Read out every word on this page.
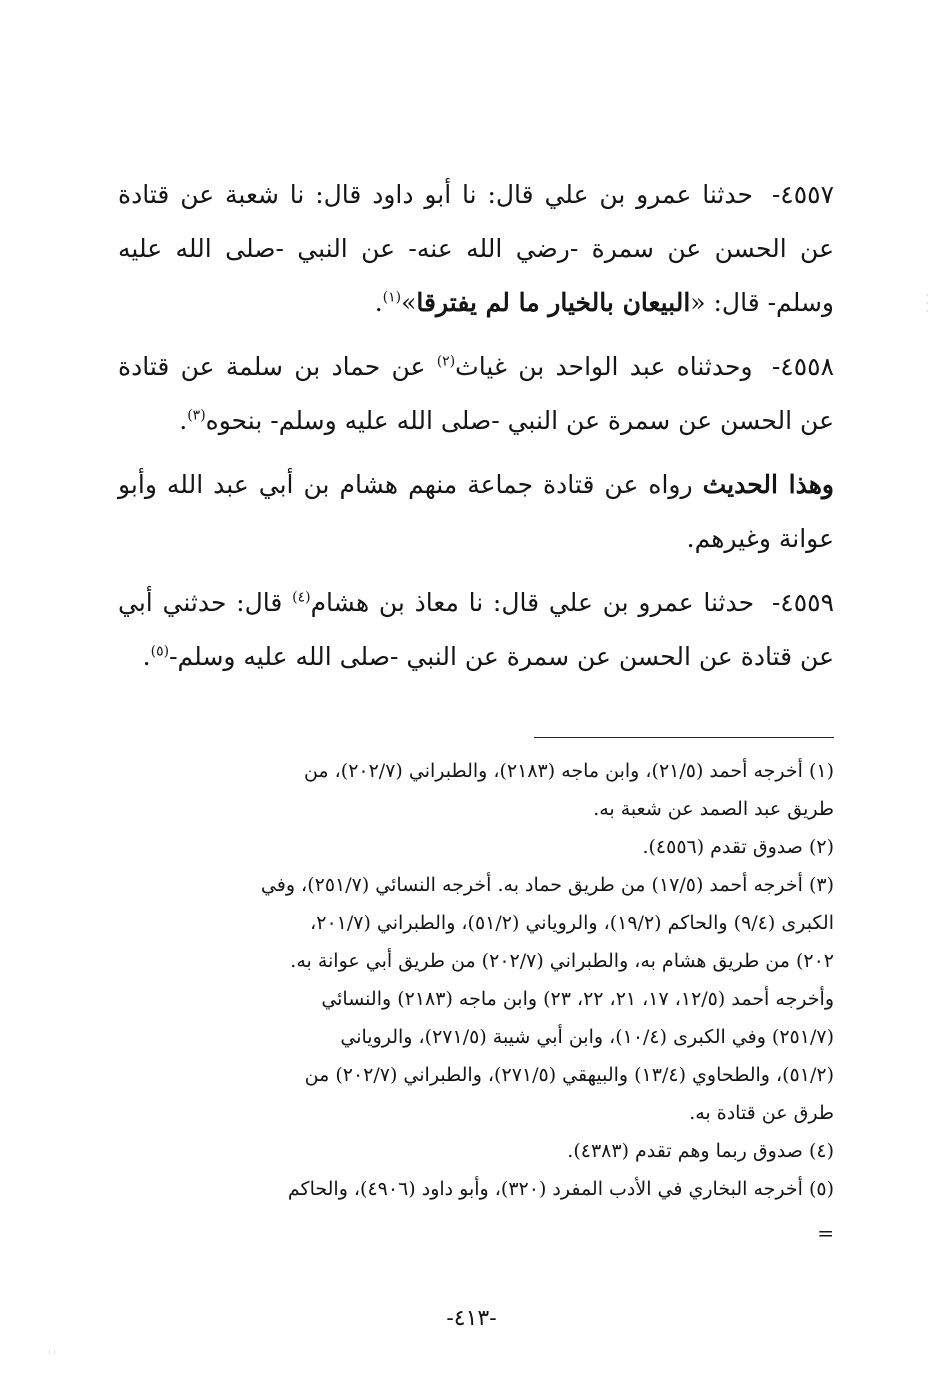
٤٥٥٧- حدثنا عمرو بن علي قال: نا أبو داود قال: نا شعبة عن قتادة عن الحسن عن سمرة -رضي الله عنه- عن النبي -صلى الله عليه وسلم- قال: «البيعان بالخيار ما لم يفترقا»$^{(١)}$.

٤٥٥٨- وحدثناه عبد الواحد بن غياث$^{(٢)}$ عن حماد بن سلمة عن قتادة عن الحسن عن سمرة عن النبي -صلى الله عليه وسلم- بنحوه$^{(٣)}$.

وهذا الحديث رواه عن قتادة جماعة منهم هشام بن أبي عبد الله وأبو عوانة وغيرهم.

٤٥٥٩- حدثنا عمرو بن علي قال: نا معاذ بن هشام$^{(٤)}$ قال: حدثني أبي عن قتادة عن الحسن عن سمرة عن النبي -صلى الله عليه وسلم-$^{(٥)}$.

(١) أخرجه أحمد (٢١/٥)، وابن ماجه (٢١٨٣)، والطبراني (٢٠٢/٧)، من
طريق عبد الصمد عن شعبة به.

(٢) صدوق تقدم (٤٥٥٦).

(٣) أخرجه أحمد (١٧/٥) من طريق حماد به. أخرجه النسائي (٢٥١/٧)، وفي
الكبرى (٩/٤) والحاكم (١٩/٢)، والروياني (٥١/٢)، والطبراني (٢٠١/٧،
٢٠٢) من طريق هشام به، والطبراني (٢٠٢/٧) من طريق أبي عوانة به.
وأخرجه أحمد (١٢/٥، ١٧، ٢١، ٢٢، ٢٣) وابن ماجه (٢١٨٣) والنسائي
(٢٥١/٧) وفي الكبرى (١٠/٤)، وابن أبي شيبة (٢٧١/٥)، والروياني
(٥١/٢)، والطحاوي (١٣/٤) والبيهقي (٢٧١/٥)، والطبراني (٢٠٢/٧) من
طرق عن قتادة به.

(٤) صدوق ربما وهم تقدم (٤٣٨٣).

(٥) أخرجه البخاري في الأدب المفرد (٣٢٠)، وأبو داود (٤٩٠٦)، والحاكم

=
-٤١٣-
·
·
·
· ·
